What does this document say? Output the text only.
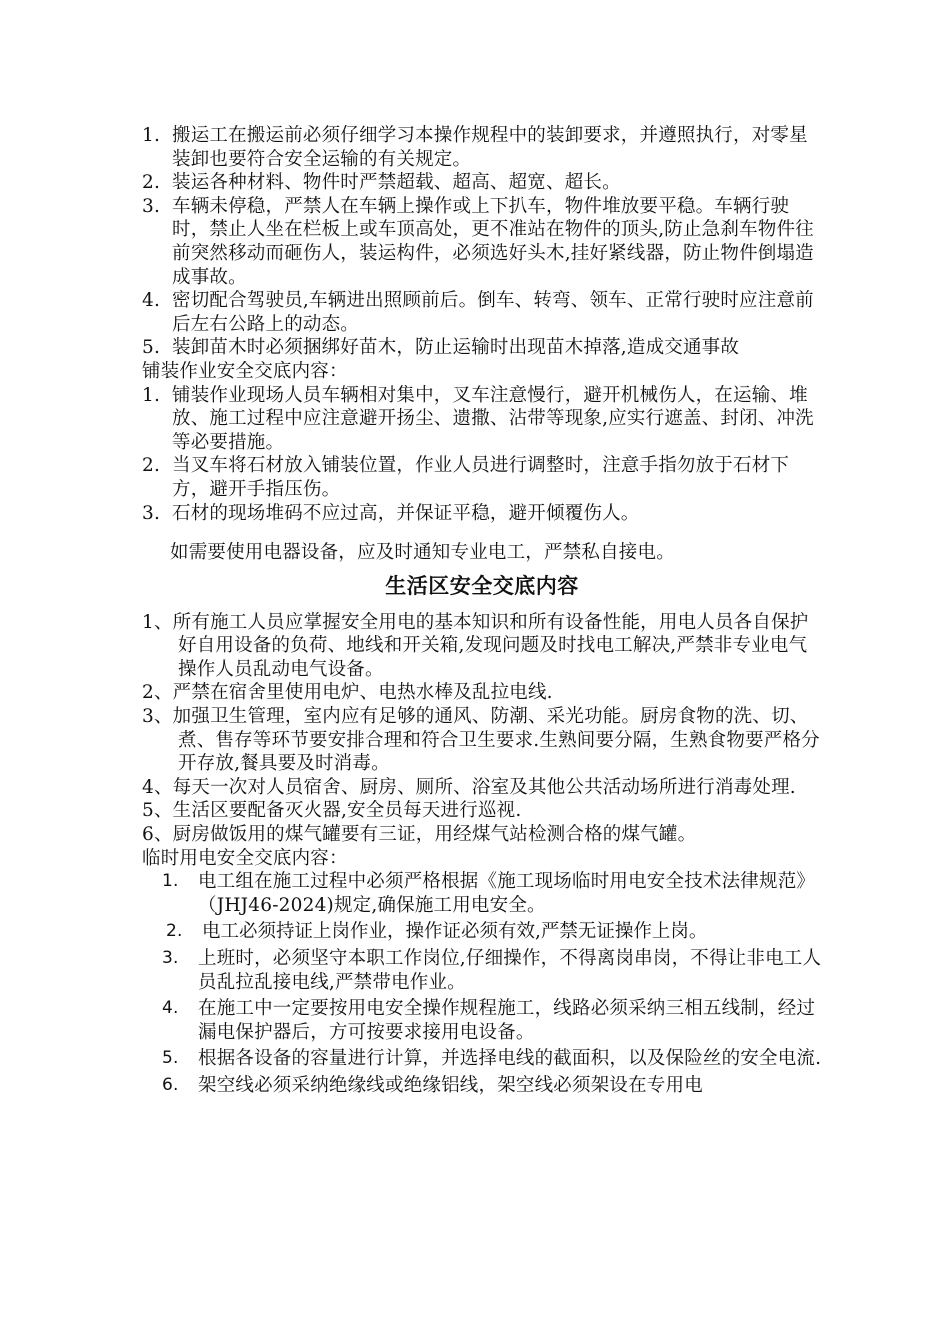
1. 搬运工在搬运前必须仔细学习本操作规程中的装卸要求，并遵照执行，对零星装卸也要符合安全运输的有关规定。

2. 装运各种材料、物件时严禁超载、超高、超宽、超长。

3. 车辆未停稳，严禁人在车辆上操作或上下扒车，物件堆放要平稳。车辆行驶时，禁止人坐在栏板上或车顶高处，更不准站在物件的顶头,防止急刹车物件往前突然移动而砸伤人，装运构件，必须选好头木,挂好紧线器，防止物件倒塌造成事故。

4. 密切配合驾驶员,车辆进出照顾前后。倒车、转弯、领车、正常行驶时应注意前后左右公路上的动态。

5. 装卸苗木时必须捆绑好苗木，防止运输时出现苗木掉落,造成交通事故

铺装作业安全交底内容：

1. 铺装作业现场人员车辆相对集中，叉车注意慢行，避开机械伤人，在运输、堆放、施工过程中应注意避开扬尘、遗撒、沾带等现象,应实行遮盖、封闭、冲洗等必要措施。

2. 当叉车将石材放入铺装位置，作业人员进行调整时，注意手指勿放于石材下方，避开手指压伤。

3. 石材的现场堆码不应过高，并保证平稳，避开倾覆伤人。

如需要使用电器设备，应及时通知专业电工，严禁私自接电。

生活区安全交底内容

1、所有施工人员应掌握安全用电的基本知识和所有设备性能，用电人员各自保护好自用设备的负荷、地线和开关箱,发现问题及时找电工解决,严禁非专业电气操作人员乱动电气设备。

2、严禁在宿舍里使用电炉、电热水棒及乱拉电线.

3、加强卫生管理，室内应有足够的通风、防潮、采光功能。厨房食物的洗、切、煮、售存等环节要安排合理和符合卫生要求.生熟间要分隔，生熟食物要严格分开存放,餐具要及时消毒。

4、每天一次对人员宿舍、厨房、厕所、浴室及其他公共活动场所进行消毒处理.

5、生活区要配备灭火器,安全员每天进行巡视.

6、厨房做饭用的煤气罐要有三证，用经煤气站检测合格的煤气罐。

临时用电安全交底内容：

1. 电工组在施工过程中必须严格根据《施工现场临时用电安全技术法律规范》（JHJ46-2024)规定,确保施工用电安全。

2. 电工必须持证上岗作业，操作证必须有效,严禁无证操作上岗。

3. 上班时，必须坚守本职工作岗位,仔细操作，不得离岗串岗，不得让非电工人员乱拉乱接电线,严禁带电作业。

4. 在施工中一定要按用电安全操作规程施工，线路必须采纳三相五线制，经过漏电保护器后，方可按要求接用电设备。

5. 根据各设备的容量进行计算，并选择电线的截面积，以及保险丝的安全电流.

6. 架空线必须采纳绝缘线或绝缘铝线，架空线必须架设在专用电
